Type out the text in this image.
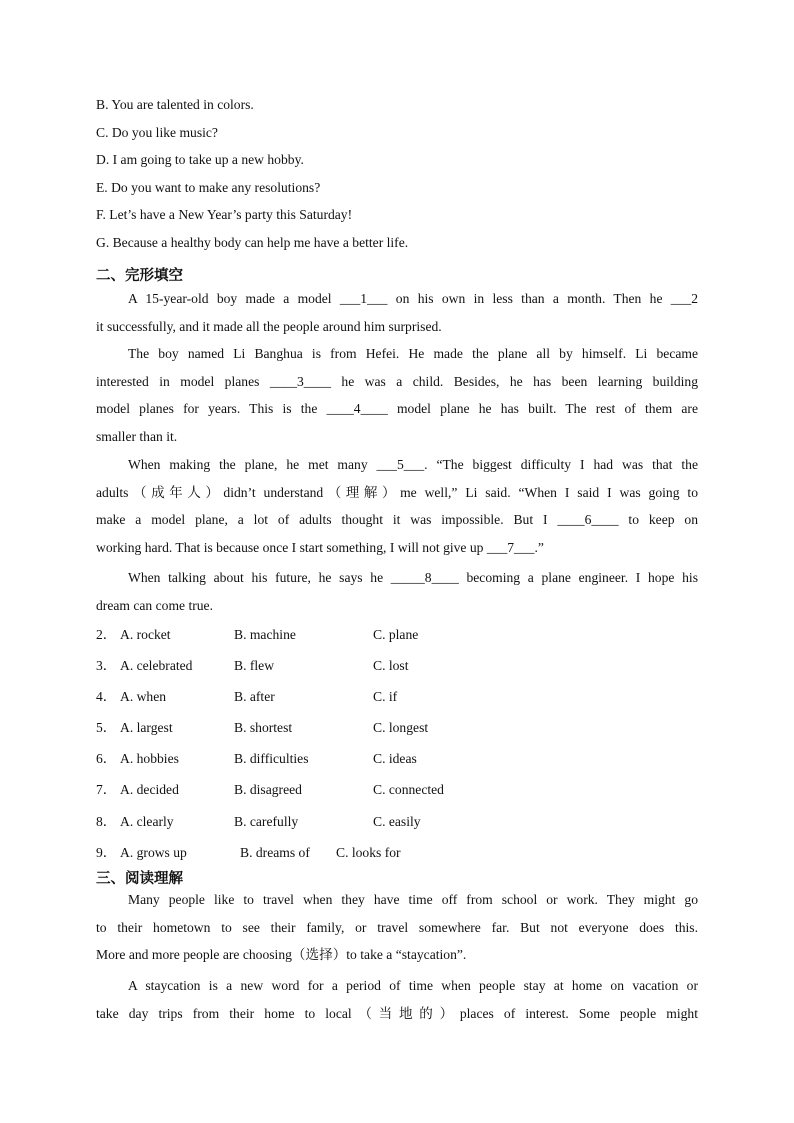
B. You are talented in colors.
C. Do you like music?
D. I am going to take up a new hobby.
E. Do you want to make any resolutions?
F. Let’s have a New Year’s party this Saturday!
G. Because a healthy body can help me have a better life.
二、完形填空
A 15-year-old boy made a model ___1___ on his own in less than a month. Then he ___2
it successfully, and it made all the people around him surprised.
The boy named Li Banghua is from Hefei. He made the plane all by himself. Li became
interested in model planes ____3____ he was a child. Besides, he has been learning building
model planes for years. This is the ____4____ model plane he has built. The rest of them are
smaller than it.
When making the plane, he met many ___5___. “The biggest difficulty I had was that the
adults（成年人）didn’t understand（理解）me well,” Li said. “When I said I was going to
make a model plane, a lot of adults thought it was impossible. But I ____6____ to keep on
working hard. That is because once I start something, I will not give up ___7___.”
When talking about his future, he says he _____8____ becoming a plane engineer. I hope his
dream can come true.
2． A. rocket	B. machine	C. plane
3． A. celebrated	B. flew	C. lost
4． A. when	B. after	C. if
5． A. largest	B. shortest	C. longest
6． A. hobbies	B. difficulties	C. ideas
7． A. decided	B. disagreed	C. connected
8． A. clearly	B. carefully	C. easily
9． A. grows up	B. dreams of C. looks for
三、阅读理解
Many people like to travel when they have time off from school or work. They might go
to their hometown to see their family, or travel somewhere far. But not everyone does this.
More and more people are choosing（选择）to take a “staycation”.
A staycation is a new word for a period of time when people stay at home on vacation or
take day trips from their home to local（当地的）places of interest. Some people might
